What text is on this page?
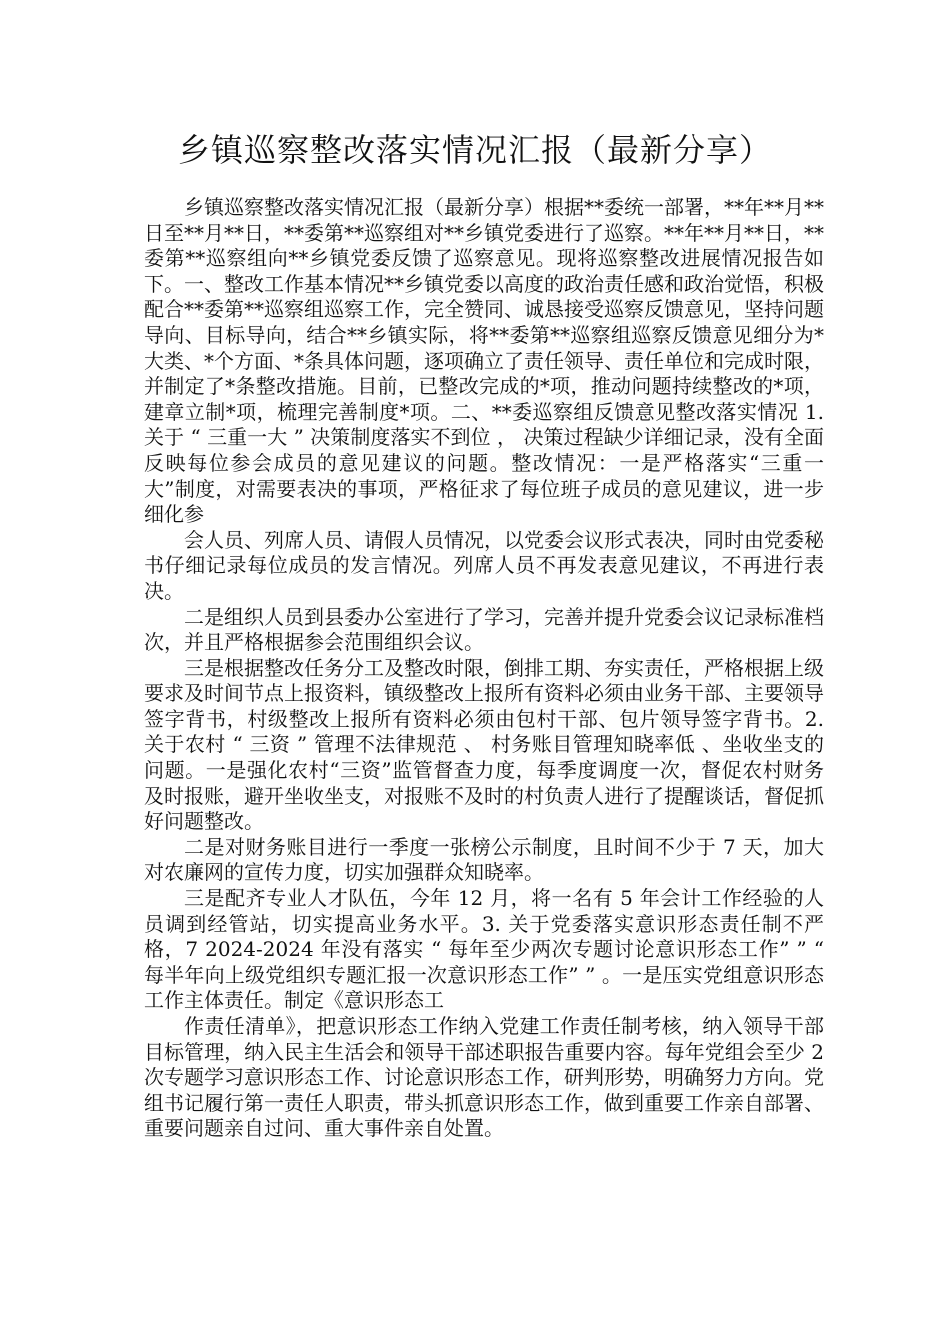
乡镇巡察整改落实情况汇报（最新分享）

乡镇巡察整改落实情况汇报（最新分享）根据**委统一部署，**年**月**日至**月**日，**委第**巡察组对**乡镇党委进行了巡察。**年**月**日，**委第**巡察组向**乡镇党委反馈了巡察意见。现将巡察整改进展情况报告如下。一、整改工作基本情况**乡镇党委以高度的政治责任感和政治觉悟，积极配合**委第**巡察组巡察工作，完全赞同、诚恳接受巡察反馈意见，坚持问题导向、目标导向，结合**乡镇实际，将**委第**巡察组巡察反馈意见细分为*大类、*个方面、*条具体问题，逐项确立了责任领导、责任单位和完成时限，并制定了*条整改措施。目前，已整改完成的*项，推动问题持续整改的*项，建章立制*项，梳理完善制度*项。二、**委巡察组反馈意见整改落实情况 1. 关于 “ 三重一大 ” 决策制度落实不到位 ， 决策过程缺少详细记录，没有全面反映每位参会成员的意见建议的问题。整改情况：一是严格落实“三重一大”制度，对需要表决的事项，严格征求了每位班子成员的意见建议，进一步细化参

会人员、列席人员、请假人员情况，以党委会议形式表决，同时由党委秘书仔细记录每位成员的发言情况。列席人员不再发表意见建议，不再进行表决。

二是组织人员到县委办公室进行了学习，完善并提升党委会议记录标准档次，并且严格根据参会范围组织会议。

三是根据整改任务分工及整改时限，倒排工期、夯实责任，严格根据上级要求及时间节点上报资料，镇级整改上报所有资料必须由业务干部、主要领导签字背书，村级整改上报所有资料必须由包村干部、包片领导签字背书。2. 关于农村 “ 三资 ” 管理不法律规范 、 村务账目管理知晓率低 、坐收坐支的问题。一是强化农村“三资”监管督查力度，每季度调度一次，督促农村财务及时报账，避开坐收坐支，对报账不及时的村负责人进行了提醒谈话，督促抓好问题整改。

二是对财务账目进行一季度一张榜公示制度，且时间不少于 7 天，加大对农廉网的宣传力度，切实加强群众知晓率。

三是配齐专业人才队伍，今年 12 月，将一名有 5 年会计工作经验的人员调到经管站，切实提高业务水平。3. 关于党委落实意识形态责任制不严格，7 2024-2024 年没有落实 “ 每年至少两次专题讨论意识形态工作” ” “ 每半年向上级党组织专题汇报一次意识形态工作” ” 。一是压实党组意识形态工作主体责任。制定《意识形态工

作责任清单》，把意识形态工作纳入党建工作责任制考核，纳入领导干部目标管理，纳入民主生活会和领导干部述职报告重要内容。每年党组会至少 2 次专题学习意识形态工作、讨论意识形态工作，研判形势，明确努力方向。党组书记履行第一责任人职责，带头抓意识形态工作，做到重要工作亲自部署、重要问题亲自过问、重大事件亲自处置。
